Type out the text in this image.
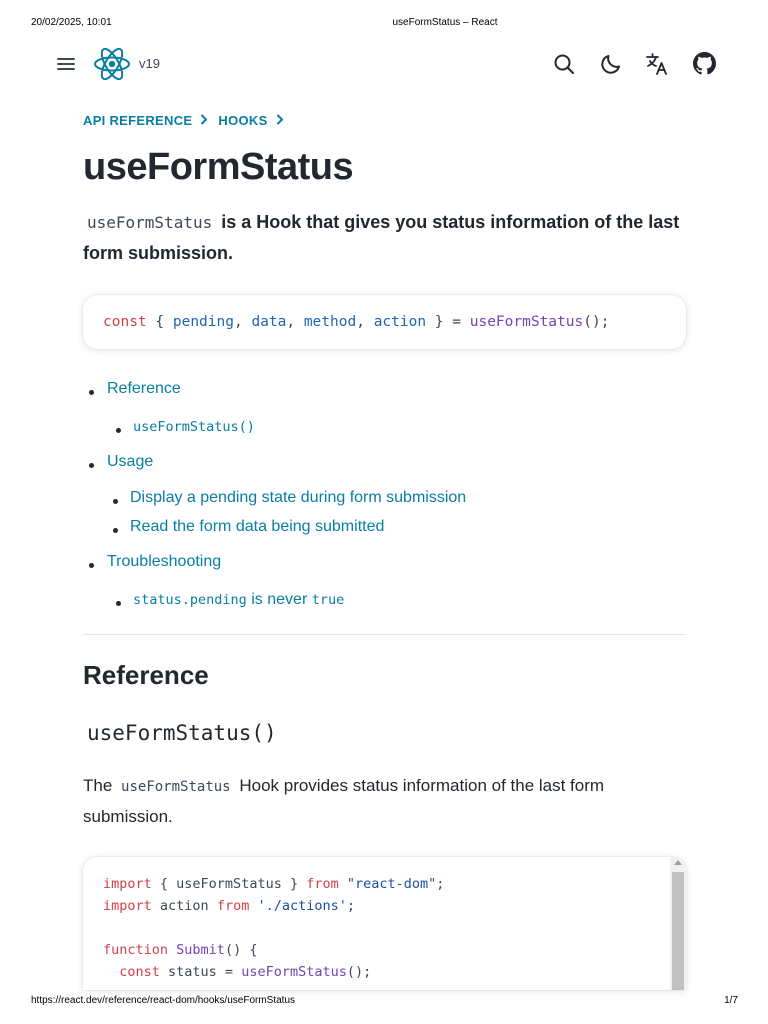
20/02/2025, 10:01	useFormStatus – React
v19
API REFERENCE HOOKS
useFormStatus

useFormStatus is a Hook that gives you status information of the last form submission.

const { pending, data, method, action } = useFormStatus();
Reference
useFormStatus()
Usage
Display a pending state during form submission
Read the form data being submitted
Troubleshooting
status.pending is never true
Reference
useFormStatus()

The useFormStatus Hook provides status information of the last form submission.

import { useFormStatus } from "react-dom";
import action from './actions';

function Submit() {
const status = useFormStatus();
https://react.dev/reference/react-dom/hooks/useFormStatus	1/7
